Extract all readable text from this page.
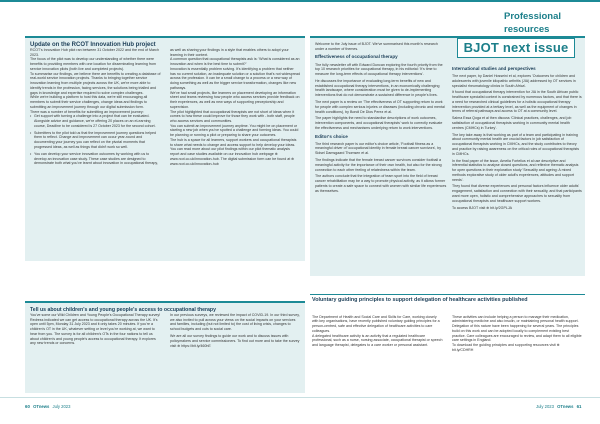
Professional resources
Update on the RCOT Innovation Hub project

RCOT's Innovation Hub pilot ran between 31 October 2022 and the end of March 2023.

The focus of the pilot was to develop our understanding of whether there were benefits to providing members with one location for disseminating learning from service innovation pilots (both live and completed projects).

To summarise our findings, we believe there are benefits to creating a database of real-world service innovation projects. Thanks to bringing together service innovation learning from multiple projects across the UK, we're more able to identify trends in the profession, facing services, the solutions being trialled and gaps in knowledge and expertise required to solve complex challenges.

While we're building a platform to host this data, we're still encouraging all members to submit their service challenges, change ideas and findings to submitting an improvement journey through our digital submission form.

There was a number of benefits for submitting an improvement journey:

• Get support with turning a challenge into a project that can be evaluated. Alongside advice and guidance, we're offering 20 places on an eLearning course, Deadline to be considered is 27 October 2023 for the second cohort.
• Submitters to the pilot told us that the improvement journey questions helped them to reflect. Change and improvement can occur year-round and documenting your journey you can reflect on the pivotal moments that progressed ideas, as well as things that didn't work so well.
• You can develop your service innovation outcomes by working with us to develop an innovation case study. These case studies are designed to demonstrate both what you've learnt about innovation in occupational therapy,

as well as sharing your findings in a style that enables others to adopt your learning in their context.

A common question that occupational therapists ask is: 'What is considered as an innovation and when is the best time to submit?'

Innovation is essentially problem solving. It's identifying a problem that neither has no current solution, an inadequate solution or a solution that's not widespread across the profession. It can be a small change to a process or a new way of doing something as well as the bigger service transformation, changes like new pathways.

We've had small projects, like learners on placement developing an information sheet and teams reviewing how people who access services provide feedback on their experiences, as well as new ways of supporting preceptorship and supervision.

The pilot highlighted that occupational therapists are not short of ideas when it comes to how these could improve for those they work with - both staff, people who access services and communities.

You can submit an improvement journey anytime. You might be on placement or starting a new job when you've spotted a challenge and forming ideas. You could be planning or running a pilot or preparing to share your outcomes.

The hub is a space for all learners, support workers and occupational therapists to share what needs to change and access support to help develop your ideas.

You can read more about our pilot findings within our pilot thematic analysis report and case studies available on our innovation hub webpage ⊕ www.rcot.co.uk/innovation-hub. The digital submission form can be found at ⊕ www.rcot.co.uk/innovation-hub

Tell us about children's and young people's access to occupational therapy

You've some our Wild Children and Young People's Occupational Therapy survey! Redress indicated we can get access to occupational therapy across the UK. It's open until 5pm, Monday 31 July 2023 and it only takes 20 minutes. If you're a children's OT in the UK, whatever setting or level you're working at, we want to hear from you. The survey is for all children's OTs in the four nations to tell us about children's and young people's access to occupational therapy. It explores any new trends or concerns.

In our previous surveys, we reviewed the impact of COVID-19. In our third survey, we also invited to pull across your views on the social impacts on your services and families, including (but not limited to) the cost of living crisis, changes to school budgets and cuts to social care.

We are all our survey findings to guide our work and to discuss issues with policymakers and service commissioners. To find out more and to take the survey visit ⊕ https://bit.ly/460hE

Welcome to the July issue of BJOT. We've summarised this month's research under a number of themes.

Effectiveness of occupational therapy

The fully newsletter off with Edward Duncan exploring the fourth priority from the top 10 research priorities for occupational therapy, in his editorial: 'It's time to measure the long-term effects of occupational therapy interventions'.

He discusses the importance of evaluating long-term benefits of new and established occupational therapy interventions, in an economically challenging health landscape, where consideration must be given to de-implementing interventions that do not demonstrate a sustained difference in people's lives.

The next paper is a review on 'The effectiveness of OT supporting return to work for people with complex serious injuries or diseases (including chronic and mental health conditions), by Bondi De Dios Perez et al.

The paper highlights the need to standardise descriptions of work outcomes, intervention components, and occupational therapists' work to correctly evaluate the effectiveness and mechanisms underlying return to work interventions.

Editor's choice

The third research paper is our editor's choice article, 'Football fitness as a meaningful driver of 'occupational identity in female breast cancer survivors', by Sidsel Damsgaard Thomsen et al.

The findings indicate that the female breast cancer survivors consider football a meaningful activity for the importance of their own health, but also for the strong connection to each other feeling of relatedness within the team.

The authors conclude that the integration of team sport into the field of breast cancer rehabilitation may be a way to promote physical activity, as it allows former patients to create a safe space to connect with women with similar life experiences as themselves.

BJOT next issue
International studies and perspectives

The next paper, by Daniel Hosseini et al, explores 'Outcomes for children and adolescents with juvenile idiopathic arthritis (JIA) addressed by OT services in specialist rheumatology clinics in South Africa'.

It found that occupational therapy intervention for JIA in the South African public healthcare specialist context is constrained by numerous factors, and that there is a need for researched clinical guidelines for a holistic occupational therapy intervention provided at a tertiary level, as well as the equipment of changes in terms of referral pathways and access to OT at a community level.

Salma Essa Qoga et al then discuss 'Clinical practices, challenges, and job satisfaction of occupational therapists working in community mental health centres (CMHCs) in Turkey'.

The key take away is that working as part of a team and participating in training about community mental health are crucial factors in job satisfaction of occupational therapists working in CMHCs, and the study contributes to theory and practice by raising awareness on the critical roles of occupational therapists in CMHCs.

In the final paper of the issue, Amelia Fortelius et al use descriptive and inferential statistics to analyse closed questions, and reflexive thematic analysis for open questions in their exploration study 'Sexuality and ageing: A mixed methods explorative study of older adult's experiences, attitudes and support needs'.

They found that diverse experiences and personal factors influence older adults' engagement, satisfaction and connection with their sexuality, and that participants want more open, holistic and comprehensive approaches to sexuality from occupational therapists and healthcare support workers.

To access BJOT visit ⊕ bit.ly/2GPLJA

Voluntary guiding principles to support delegation of healthcare activities published

The Department of Health and Social Care and Skills for Care, working closely with key organisations, have recently published voluntary guiding principles for a person-centred, safe and effective delegation of healthcare activities to care colleagues.
A delegated healthcare activity is an activity that a regulated healthcare professional, such as a nurse, nursing associate, occupational therapist or speech and language therapist, delegates to a care worker or personal assistant.

These activities can include helping a person to manage their medication, administering medicine and also insulin, or maintaining personal health support.
Delegation of this nature have been happening for several years. The principles build on this work and can be adopted locally to complement existing best practice. Care colleagues are encouraged to review, and adapt them to all eligible care settings in England.
To download the guiding principles and supporting resources visit ⊕ bit.ly/CDHRH

60 OTnews July 2023	July 2023 OTnews 61
